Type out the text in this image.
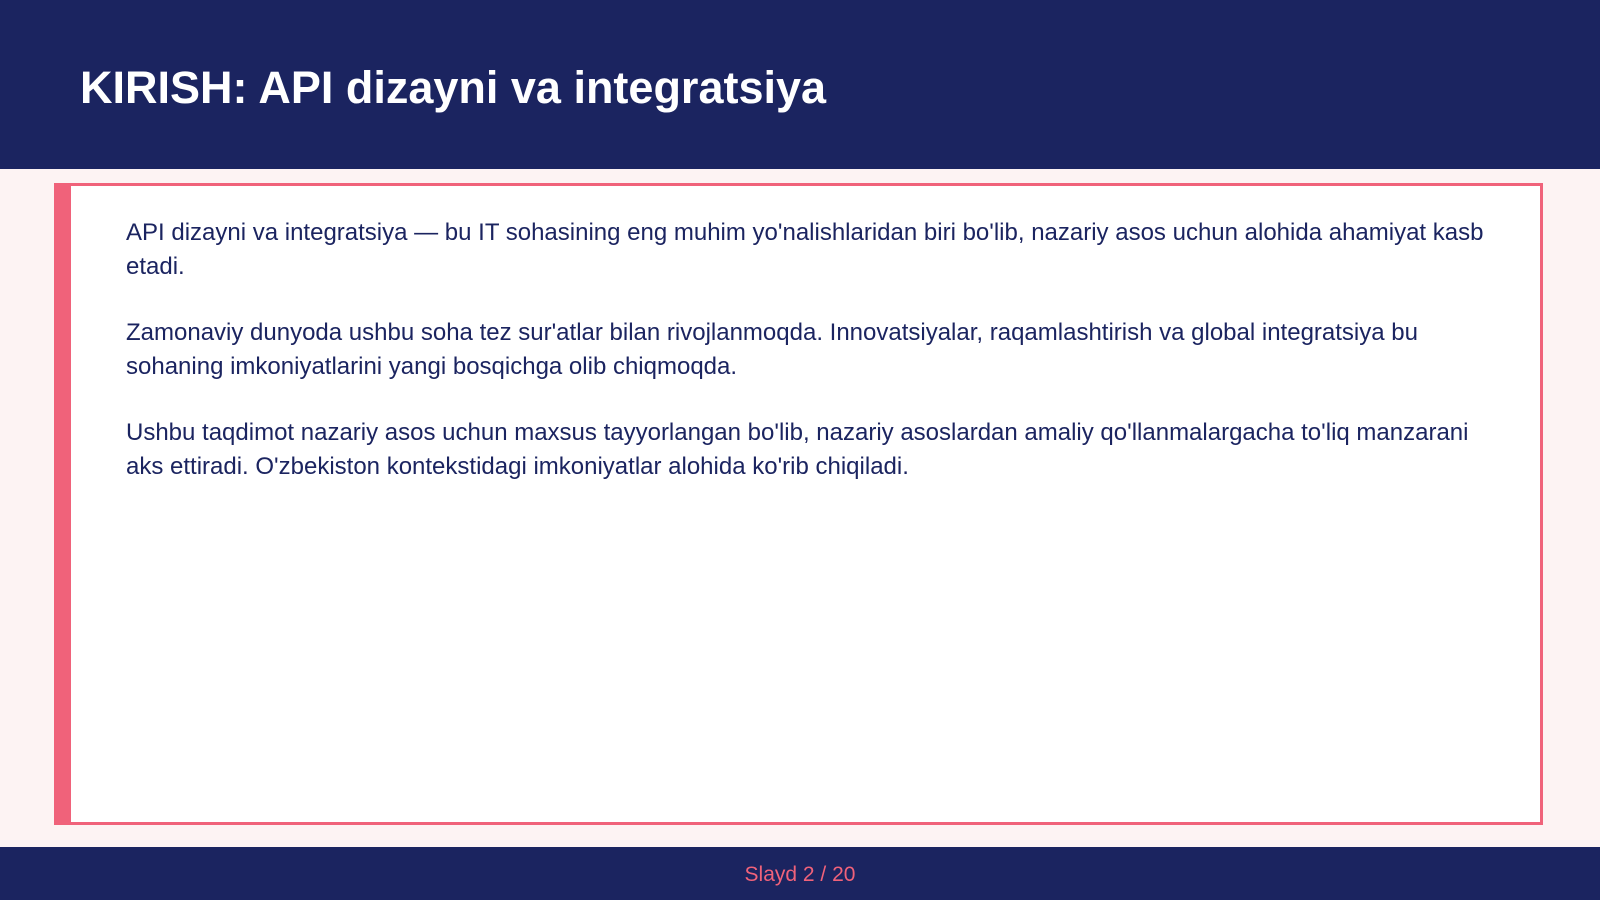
KIRISH: API dizayni va integratsiya

API dizayni va integratsiya — bu IT sohasining eng muhim yo'nalishlaridan biri bo'lib, nazariy asos uchun alohida ahamiyat kasb etadi.

Zamonaviy dunyoda ushbu soha tez sur'atlar bilan rivojlanmoqda. Innovatsiyalar, raqamlashtirish va global integratsiya bu sohaning imkoniyatlarini yangi bosqichga olib chiqmoqda.

Ushbu taqdimot nazariy asos uchun maxsus tayyorlangan bo'lib, nazariy asoslardan amaliy qo'llanmalargacha to'liq manzarani aks ettiradi. O'zbekiston kontekstidagi imkoniyatlar alohida ko'rib chiqiladi.

Slayd 2 / 20
